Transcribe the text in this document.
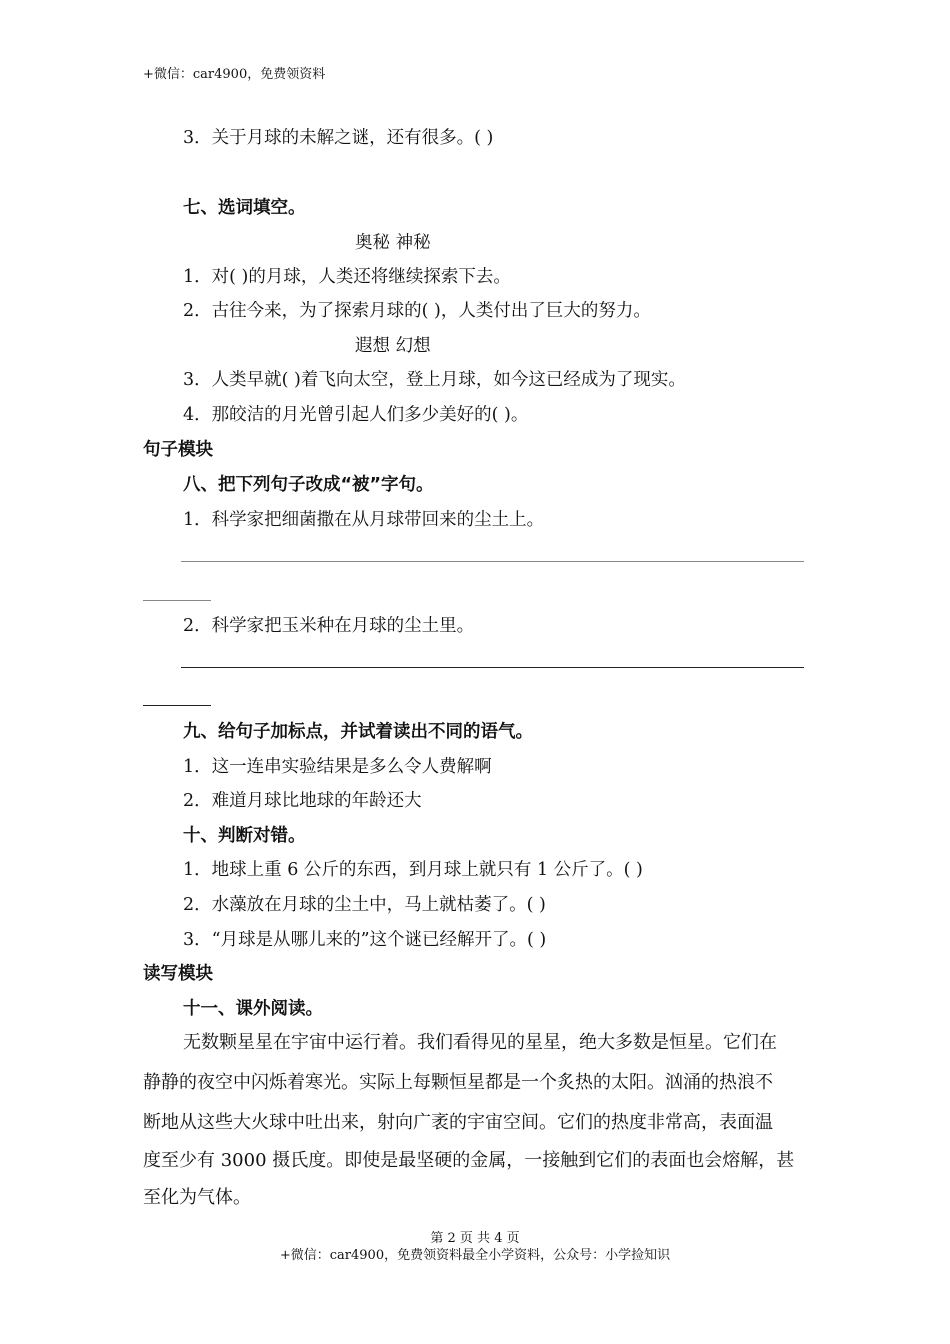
+微信：car4900，免费领资料
3．关于月球的未解之谜，还有很多。( )
七、选词填空。
奥秘 神秘
1．对( )的月球，人类还将继续探索下去。
2．古往今来，为了探索月球的( )，人类付出了巨大的努力。
遐想 幻想
3．人类早就( )着飞向太空，登上月球，如今这已经成为了现实。
4．那皎洁的月光曾引起人们多少美好的( )。
句子模块
八、把下列句子改成“被”字句。
1．科学家把细菌撒在从月球带回来的尘土上。
2．科学家把玉米种在月球的尘土里。
九、给句子加标点，并试着读出不同的语气。
1．这一连串实验结果是多么令人费解啊
2．难道月球比地球的年龄还大
十、判断对错。
1．地球上重 6 公斤的东西，到月球上就只有 1 公斤了。( )
2．水藻放在月球的尘土中，马上就枯萎了。( )
3．“月球是从哪儿来的”这个谜已经解开了。( )
读写模块
十一、课外阅读。
无数颗星星在宇宙中运行着。我们看得见的星星，绝大多数是恒星。它们在
静静的夜空中闪烁着寒光。实际上每颗恒星都是一个炙热的太阳。汹涌的热浪不
断地从这些大火球中吐出来，射向广袤的宇宙空间。它们的热度非常高，表面温
度至少有 3000 摄氏度。即使是最坚硬的金属，一接触到它们的表面也会熔解，甚
至化为气体。
第 2 页 共 4 页
+微信：car4900，免费领资料最全小学资料，公众号：小学捡知识
